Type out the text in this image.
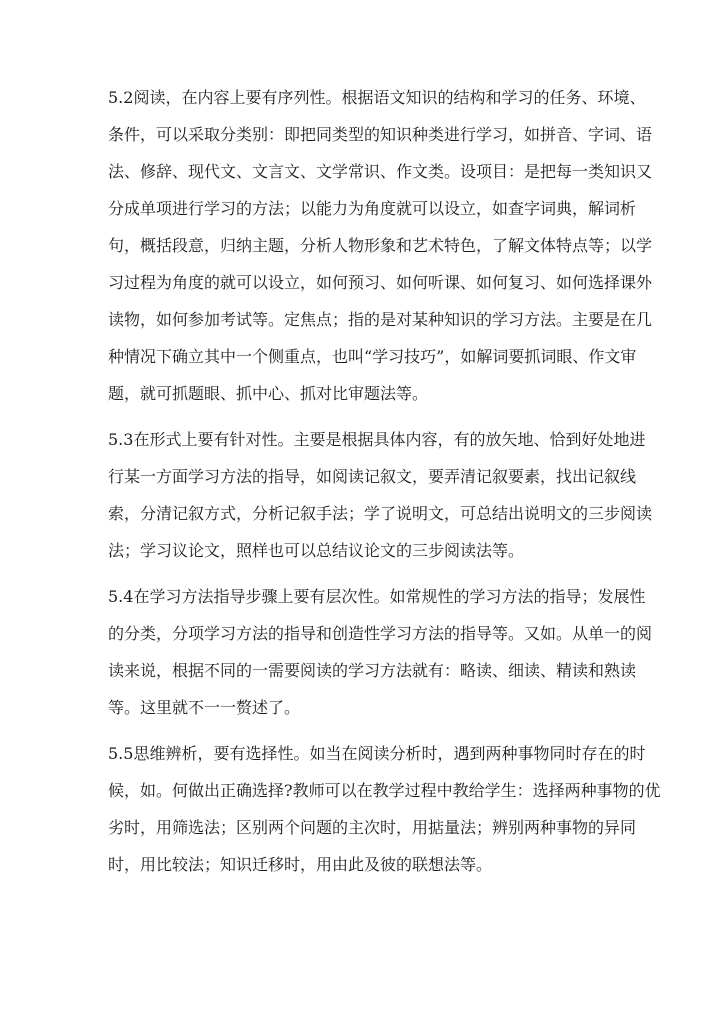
5.2阅读，在内容上要有序列性。根据语文知识的结构和学习的任务、环境、

条件，可以采取分类别：即把同类型的知识种类进行学习，如拼音、字词、语

法、修辞、现代文、文言文、文学常识、作文类。设项目：是把每一类知识又

分成单项进行学习的方法；以能力为角度就可以设立，如查字词典，解词析

句，概括段意，归纳主题，分析人物形象和艺术特色，了解文体特点等；以学

习过程为角度的就可以设立，如何预习、如何听课、如何复习、如何选择课外

读物，如何参加考试等。定焦点；指的是对某种知识的学习方法。主要是在几

种情况下确立其中一个侧重点，也叫“学习技巧”，如解词要抓词眼、作文审

题，就可抓题眼、抓中心、抓对比审题法等。

5.3在形式上要有针对性。主要是根据具体内容，有的放矢地、恰到好处地进

行某一方面学习方法的指导，如阅读记叙文，要弄清记叙要素，找出记叙线

索，分清记叙方式，分析记叙手法；学了说明文，可总结出说明文的三步阅读

法；学习议论文，照样也可以总结议论文的三步阅读法等。

5.4在学习方法指导步骤上要有层次性。如常规性的学习方法的指导；发展性

的分类，分项学习方法的指导和创造性学习方法的指导等。又如。从单一的阅

读来说，根据不同的一需要阅读的学习方法就有：略读、细读、精读和熟读

等。这里就不一一赘述了。

5.5思维辨析，要有选择性。如当在阅读分析时，遇到两种事物同时存在的时

候，如。何做出正确选择?教师可以在教学过程中教给学生：选择两种事物的优

劣时，用筛选法；区别两个问题的主次时，用掂量法；辨别两种事物的异同

时，用比较法；知识迁移时，用由此及彼的联想法等。
